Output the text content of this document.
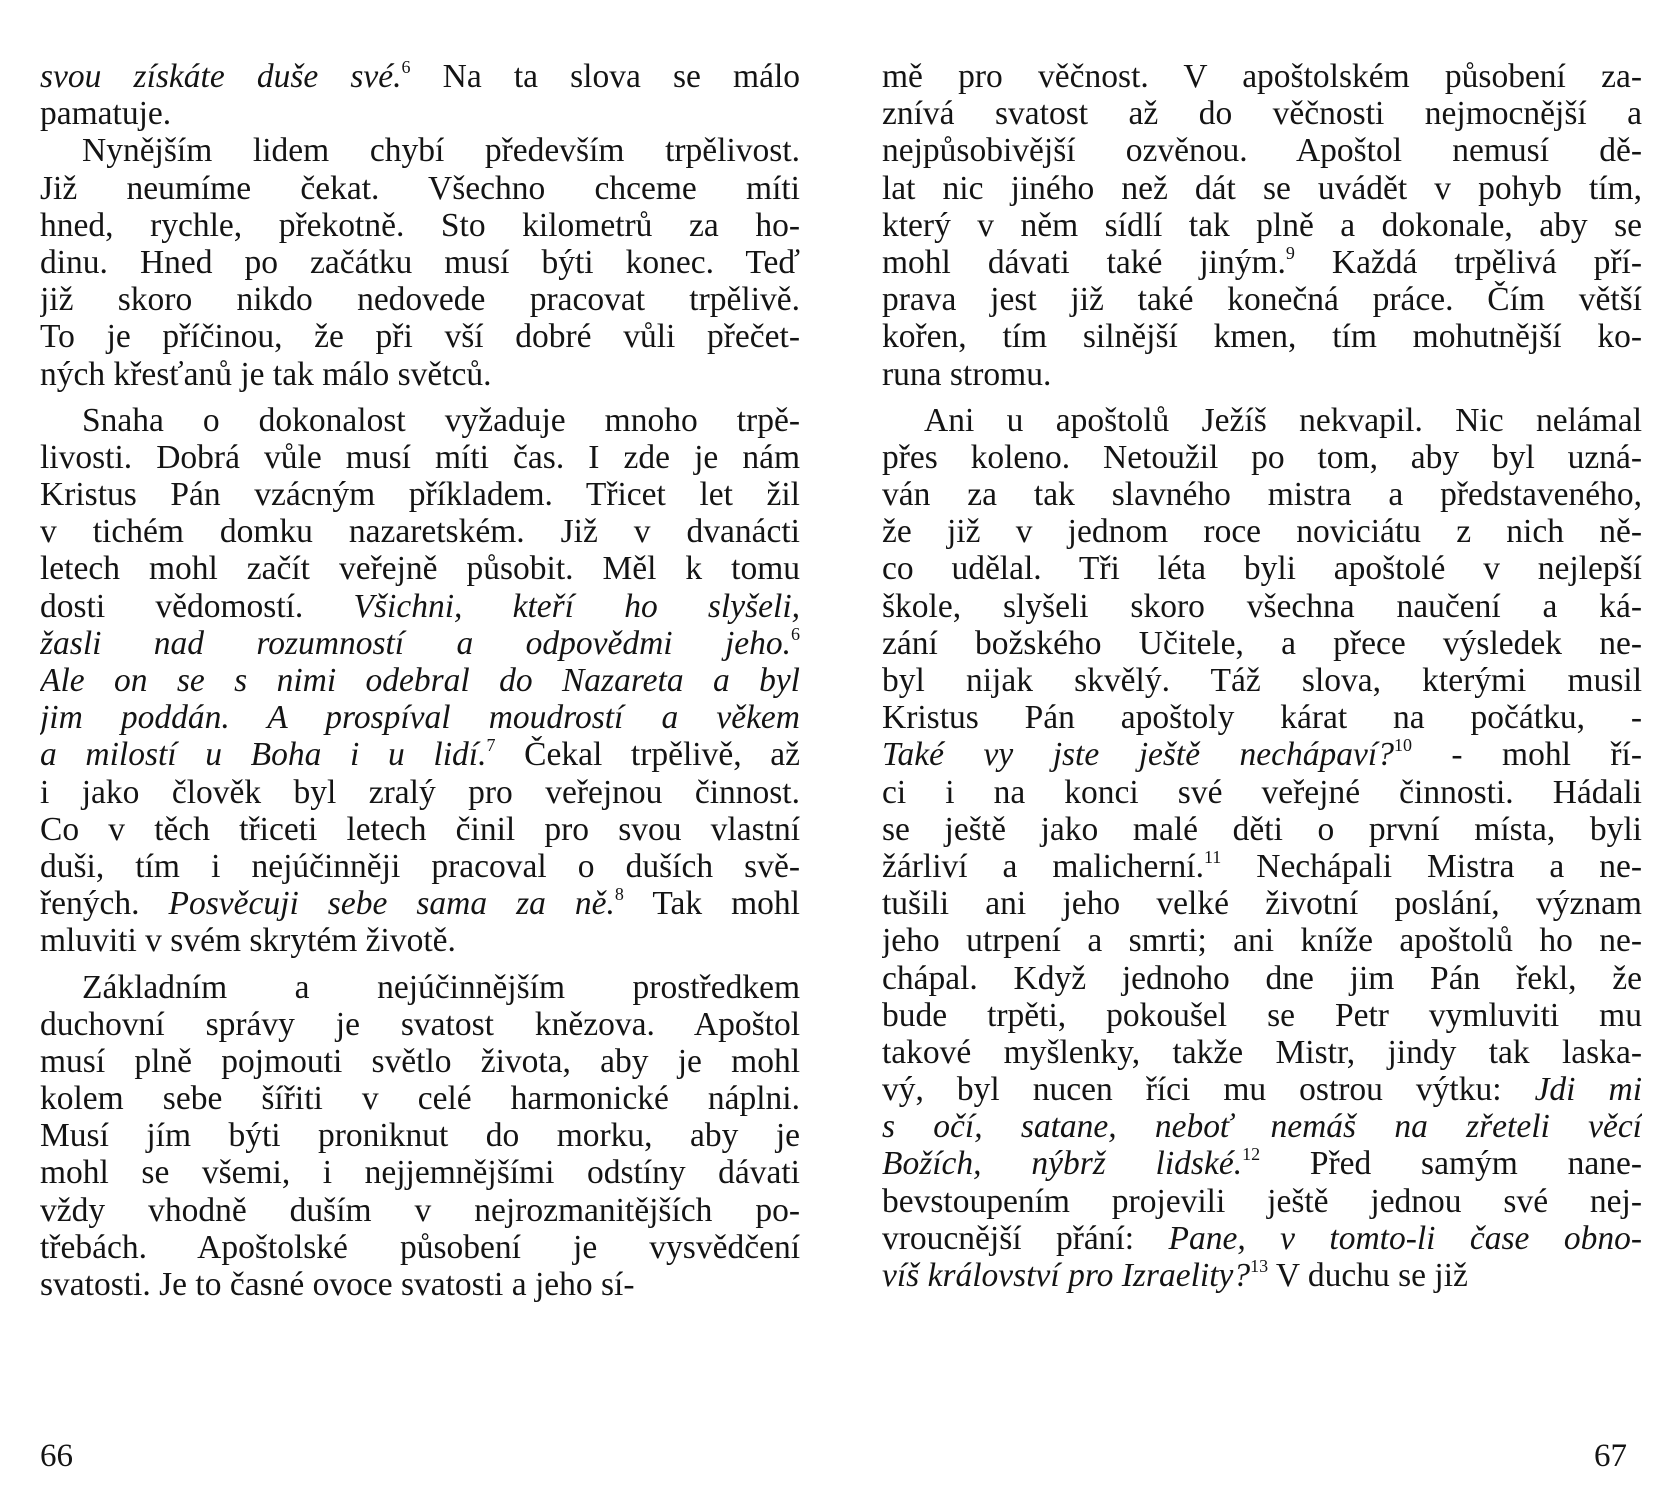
svou získáte duše své.$^6$ Na ta slova se málo
pamatuje.
Nynějším lidem chybí především trpělivost.
Již neumíme čekat. Všechno chceme míti
hned, rychle, překotně. Sto kilometrů za ho-
dinu. Hned po začátku musí býti konec. Teď
již skoro nikdo nedovede pracovat trpělivě.
To je příčinou, že při vší dobré vůli přečet-
ných křesťanů je tak málo světců.
Snaha o dokonalost vyžaduje mnoho trpě-
livosti. Dobrá vůle musí míti čas. I zde je nám
Kristus Pán vzácným příkladem. Třicet let žil
v tichém domku nazaretském. Již v dvanácti
letech mohl začít veřejně působit. Měl k tomu
dosti vědomostí. Všichni, kteří ho slyšeli,
žasli nad rozumností a odpovědmi jeho.$^6$
Ale on se s nimi odebral do Nazareta a byl
jim poddán. A prospíval moudrostí a věkem
a milostí u Boha i u lidí.$^7$ Čekal trpělivě, až
i jako člověk byl zralý pro veřejnou činnost.
Co v těch třiceti letech činil pro svou vlastní
duši, tím i nejúčinněji pracoval o duších svě-
řených. Posvěcuji sebe sama za ně.$^8$ Tak mohl
mluviti v svém skrytém životě.
Základním a nejúčinnějším prostředkem
duchovní správy je svatost knězova. Apoštol
musí plně pojmouti světlo života, aby je mohl
kolem sebe šířiti v celé harmonické náplni.
Musí jím býti proniknut do morku, aby je
mohl se všemi, i nejjemnějšími odstíny dávati
vždy vhodně duším v nejrozmanitějších po-
třebách. Apoštolské působení je vysvědčení
svatosti. Je to časné ovoce svatosti a jeho sí-
mě pro věčnost. V apoštolském působení za-
znívá svatost až do věčnosti nejmocnější a
nejpůsobivější ozvěnou. Apoštol nemusí dě-
lat nic jiného než dát se uvádět v pohyb tím,
který v něm sídlí tak plně a dokonale, aby se
mohl dávati také jiným.$^9$ Každá trpělivá pří-
prava jest již také konečná práce. Čím větší
kořen, tím silnější kmen, tím mohutnější ko-
runa stromu.
Ani u apoštolů Ježíš nekvapil. Nic nelámal
přes koleno. Netoužil po tom, aby byl uzná-
ván za tak slavného mistra a představeného,
že již v jednom roce noviciátu z nich ně-
co udělal. Tři léta byli apoštolé v nejlepší
škole, slyšeli skoro všechna naučení a ká-
zání božského Učitele, a přece výsledek ne-
byl nijak skvělý. Táž slova, kterými musil
Kristus Pán apoštoly kárat na počátku, -
Také vy jste ještě nechápaví?$^{10}$ - mohl ří-
ci i na konci své veřejné činnosti. Hádali
se ještě jako malé děti o první místa, byli
žárliví a malicherní.$^{11}$ Nechápali Mistra a ne-
tušili ani jeho velké životní poslání, význam
jeho utrpení a smrti; ani kníže apoštolů ho ne-
chápal. Když jednoho dne jim Pán řekl, že
bude trpěti, pokoušel se Petr vymluviti mu
takové myšlenky, takže Mistr, jindy tak laska-
vý, byl nucen říci mu ostrou výtku: Jdi mi
s očí, satane, neboť nemáš na zřeteli věcí
Božích, nýbrž lidské.$^{12}$ Před samým nane-
bevstoupením projevili ještě jednou své nej-
vroucnější přání: Pane, v tomto-li čase obno-
víš království pro Izraelity?$^{13}$ V duchu se již
66	67
